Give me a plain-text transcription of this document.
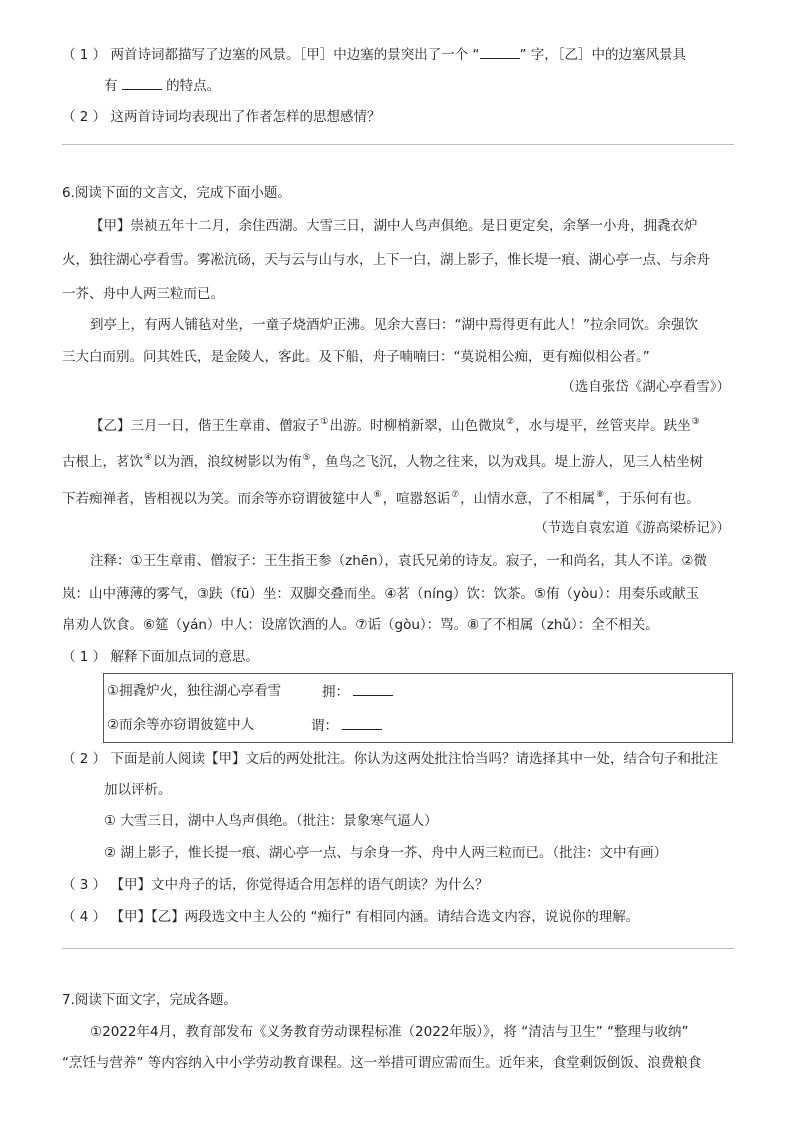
（ 1 ） 两首诗词都描写了边塞的风景。［甲］中边塞的景突出了一个 “	” 字，［乙］中的边塞风景具
有	的特点。
（ 2 ） 这两首诗词均表现出了作者怎样的思想感情？
6.阅读下面的文言文，完成下面小题。
【甲】崇祯五年十二月，余住西湖。大雪三日，湖中人鸟声俱绝。是日更定矣，余拏一小舟，拥毳衣炉
火，独往湖心亭看雪。雾凇沆砀，天与云与山与水，上下一白，湖上影子，惟长堤一痕、湖心亭一点、与余舟
一芥、舟中人两三粒而已。
到亭上，有两人铺毡对坐，一童子烧酒炉正沸。见余大喜曰：“湖中焉得更有此人！”拉余同饮。余强饮
三大白而别。问其姓氏，是金陵人，客此。及下船，舟子喃喃曰：“莫说相公痴，更有痴似相公者。”
（选自张岱《湖心亭看雪》）
【乙】三月一日，偕王生章甫、僧寂子①出游。时柳梢新翠，山色微岚②，水与堤平，丝管夹岸。趺坐③
古根上，茗饮④以为酒，浪纹树影以为侑⑤，鱼鸟之飞沉，人物之往来，以为戏具。堤上游人，见三人枯坐树
下若痴禅者，皆相视以为笑。而余等亦窃谓彼筵中人⑥，喧嚣怒诟⑦，山情水意，了不相属⑧，于乐何有也。
（节选自袁宏道《游高梁桥记》）
注释：①王生章甫、僧寂子：王生指王参（zhēn），袁氏兄弟的诗友。寂子，一和尚名，其人不详。②微
岚：山中薄薄的雾气，③趺（fū）坐：双脚交叠而坐。④茗（níng）饮：饮茶。⑤侑（yòu）：用奏乐或献玉
帛劝人饮食。⑥筵（yán）中人：设席饮酒的人。⑦诟（gòu）：骂。⑧了不相属（zhǔ）：全不相关。
（ 1 ） 解释下面加点词的意思。
①拥毳炉火，独往湖心亭看雪	拥：
②而余等亦窃谓彼筵中人	谓：
（ 2 ） 下面是前人阅读【甲】文后的两处批注。你认为这两处批注恰当吗？请选择其中一处，结合句子和批注
加以评析。
① 大雪三日，湖中人鸟声俱绝。（批注：景象寒气逼人）
② 湖上影子，惟长提一痕、湖心亭一点、与余身一芥、舟中人两三粒而已。（批注：文中有画）
（ 3 ） 【甲】文中舟子的话，你觉得适合用怎样的语气朗读？为什么？
（ 4 ） 【甲】【乙】两段选文中主人公的 “痴行” 有相同内涵。请结合选文内容，说说你的理解。
7.阅读下面文字，完成各题。
①2022年4月，教育部发布《义务教育劳动课程标准（2022年版）》，将 “清洁与卫生” “整理与收纳”
“烹饪与营养” 等内容纳入中小学劳动教育课程。这一举措可谓应需而生。近年来，食堂剩饭倒饭、浪费粮食
